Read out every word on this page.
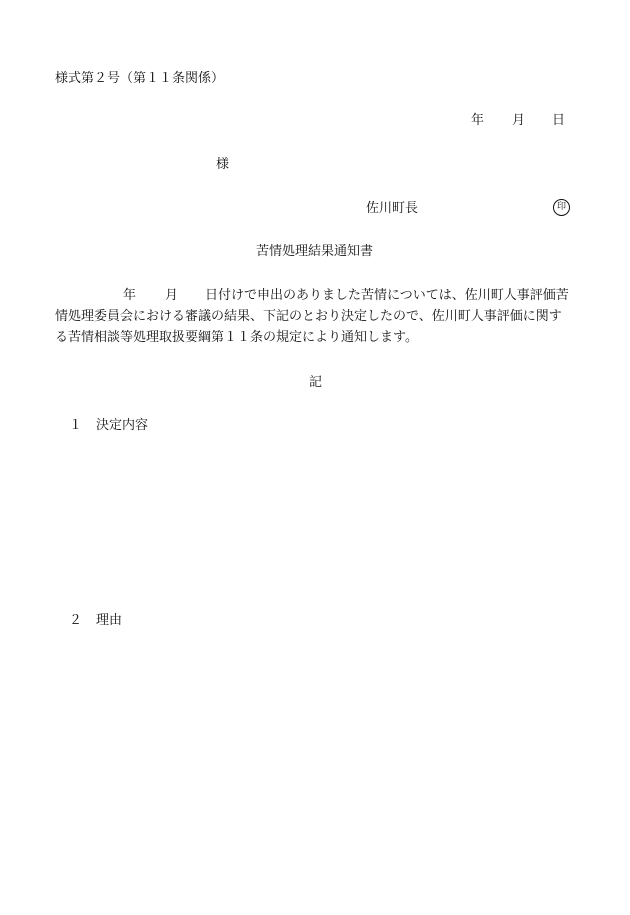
様式第２号（第１１条関係）
年 月 日
様
佐川町長	印
苦情処理結果通知書
年 月 日付けで申出のありました苦情については、佐川町人事評価苦
情処理委員会における審議の結果、下記のとおり決定したので、佐川町人事評価に関す
る苦情相談等処理取扱要綱第１１条の規定により通知します。
記
１ 決定内容
２ 理由
